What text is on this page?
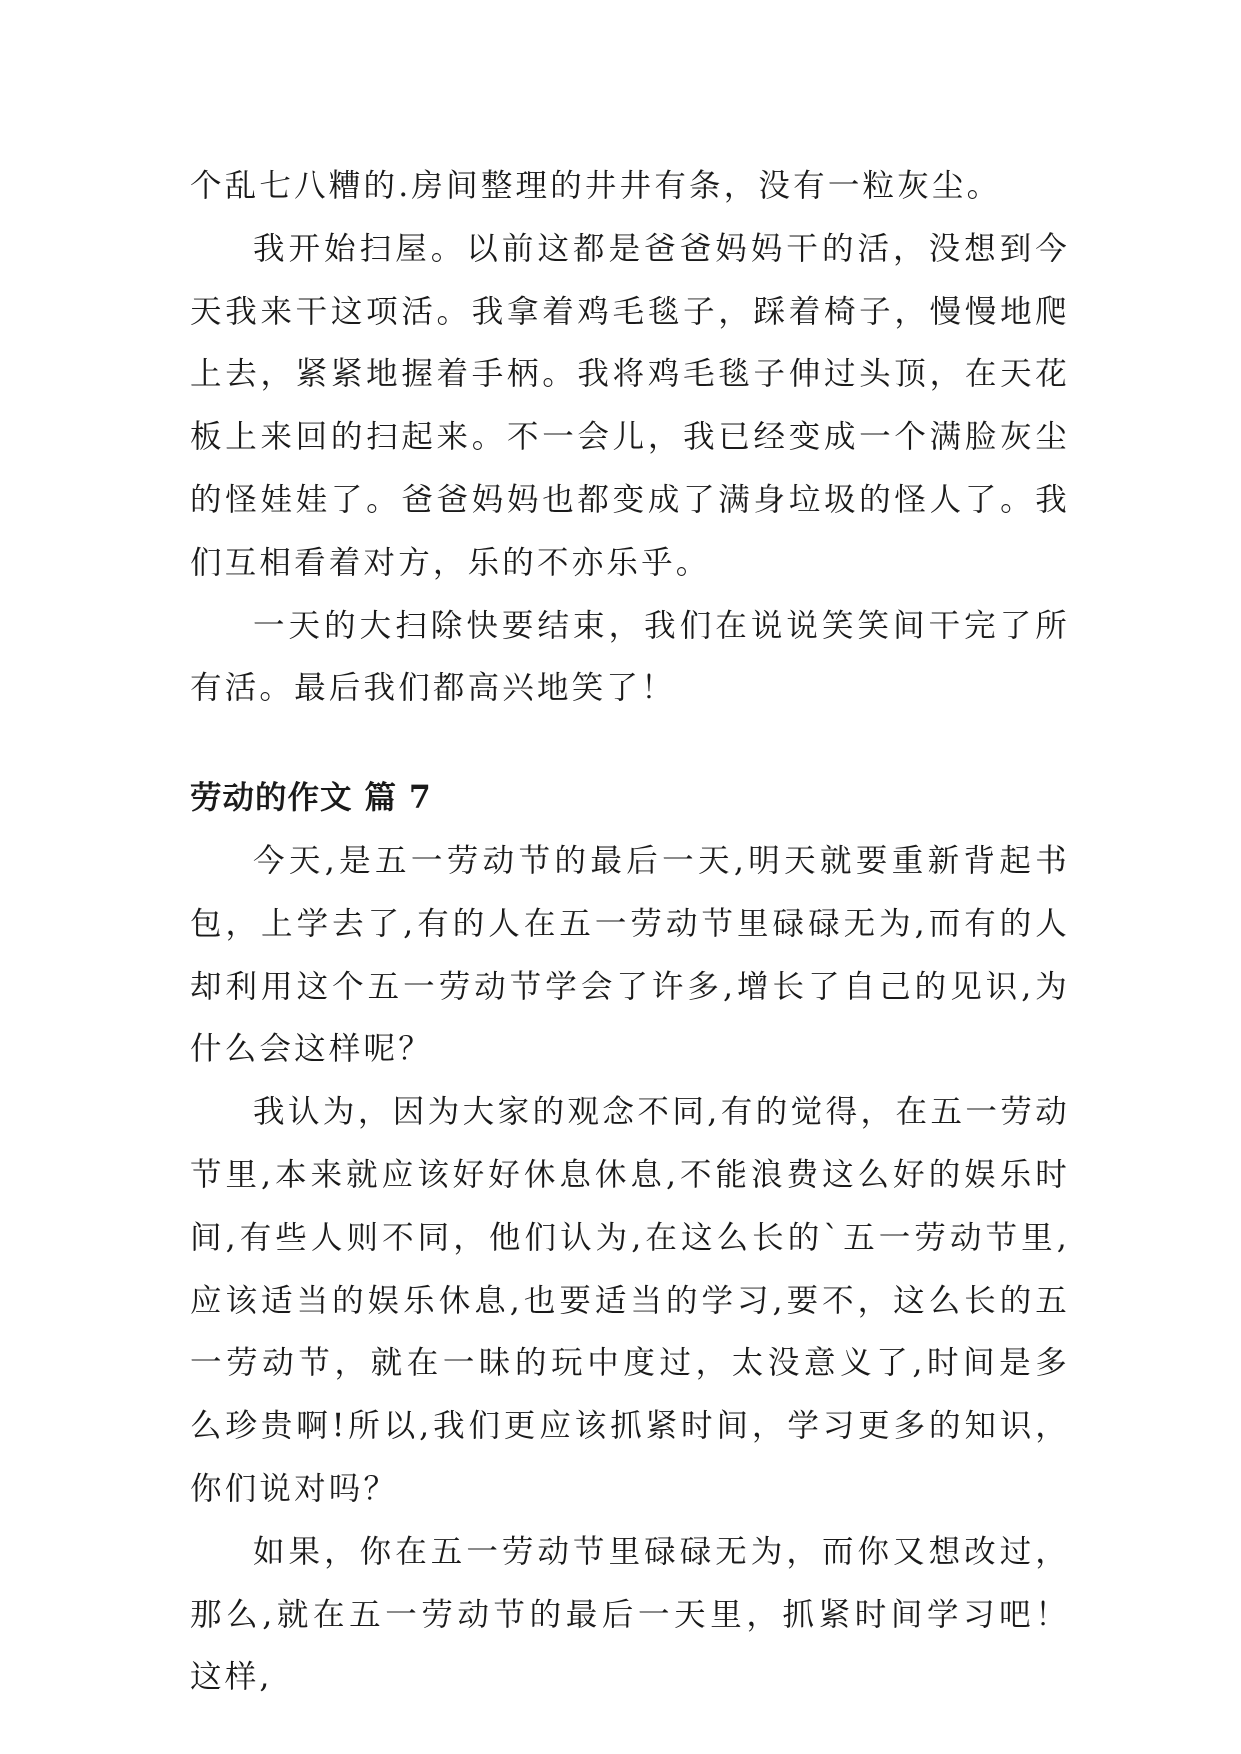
个乱七八糟的.房间整理的井井有条，没有一粒灰尘。

我开始扫屋。以前这都是爸爸妈妈干的活，没想到今天我来干这项活。我拿着鸡毛毯子，踩着椅子，慢慢地爬上去，紧紧地握着手柄。我将鸡毛毯子伸过头顶，在天花板上来回的扫起来。不一会儿，我已经变成一个满脸灰尘的怪娃娃了。爸爸妈妈也都变成了满身垃圾的怪人了。我们互相看着对方，乐的不亦乐乎。

一天的大扫除快要结束，我们在说说笑笑间干完了所有活。最后我们都高兴地笑了！

劳动的作文 篇 7

今天,是五一劳动节的最后一天,明天就要重新背起书包，上学去了,有的人在五一劳动节里碌碌无为,而有的人却利用这个五一劳动节学会了许多,增长了自己的见识,为什么会这样呢？

我认为，因为大家的观念不同,有的觉得，在五一劳动节里,本来就应该好好休息休息,不能浪费这么好的娱乐时间,有些人则不同，他们认为,在这么长的`五一劳动节里,应该适当的娱乐休息,也要适当的学习,要不，这么长的五一劳动节，就在一昧的玩中度过，太没意义了,时间是多么珍贵啊!所以,我们更应该抓紧时间，学习更多的知识，你们说对吗？

如果，你在五一劳动节里碌碌无为，而你又想改过，那么,就在五一劳动节的最后一天里，抓紧时间学习吧！这样,
